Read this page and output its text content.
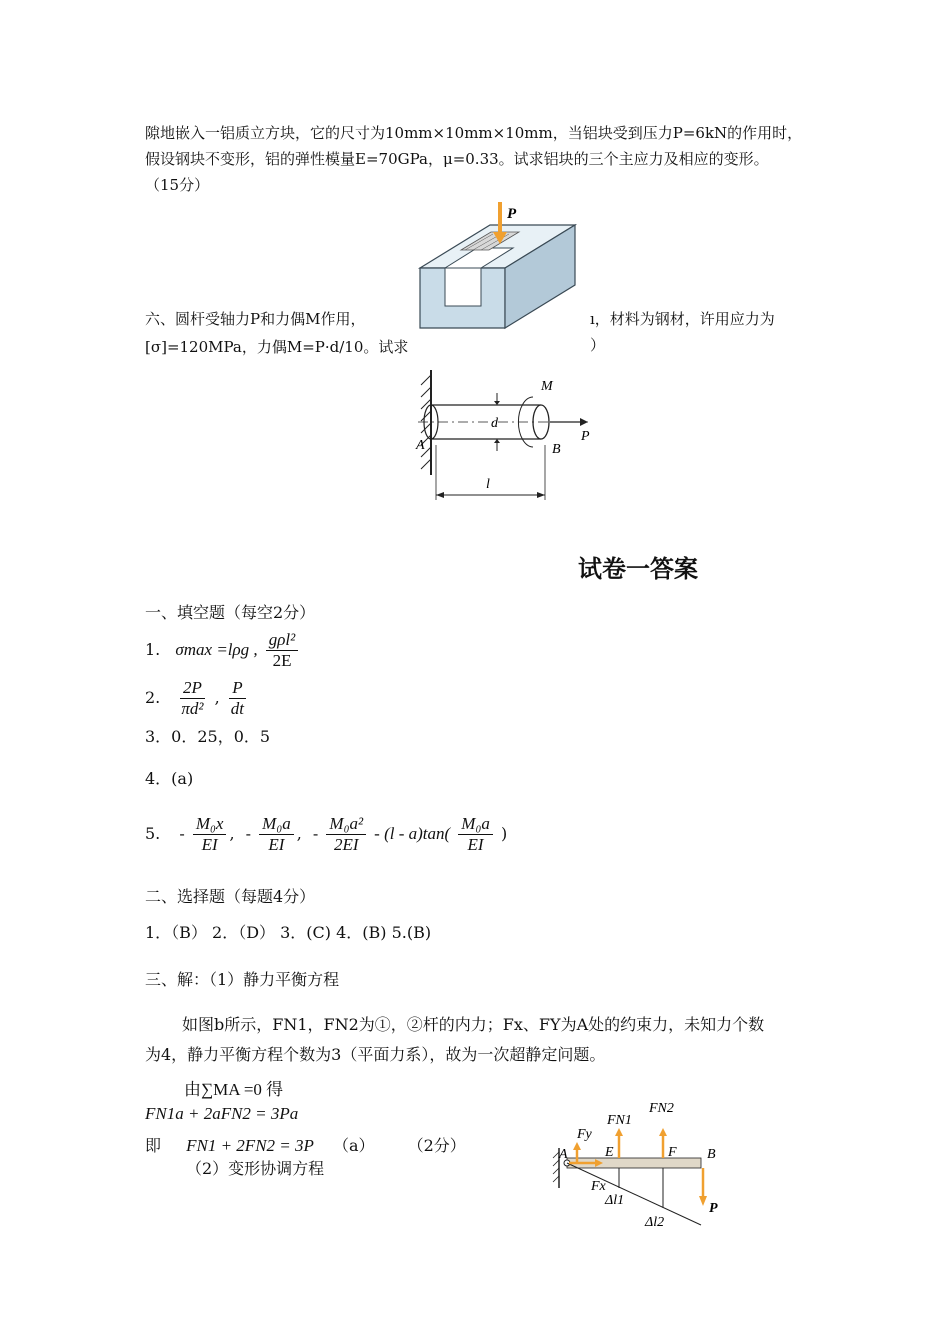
隙地嵌入一铝质立方块，它的尺寸为10mm×10mm×10mm，当铝块受到压力P=6kN的作用时，
假设钢块不变形，铝的弹性模量E=70GPa，μ=0.33。试求铝块的三个主应力及相应的变形。
（15分）
P
六、圆杆受轴力P和力偶M作用，	ı，材料为钢材，许用应力为
[σ]=120MPa，力偶M=P·d/10。试求	）
M
d
P
A	B
l
试卷一答案
一、填空题（每空2分）
1. σmax =lρg , $\frac{\text{gρl²}}{2E}$
2. $\frac{2P}{\text{πd²}}$ , $\frac{P}{dt}$
3．0．25，0．5
4．(a)
5. - $\frac{\text{M₀x}}{EI}$ , - $\frac{\text{M₀a}}{EI}$ , - $\frac{\text{M₀a²}}{2EI} - (l - a)\tan( \frac{\text{M₀a}}{EI}$ )
二、选择题（每题4分）
1．（B） 2．（D） 3．(C) 4．(B) 5.(B)
三、解：（1）静力平衡方程
如图b所示，FN1，FN2为①，②杆的内力；Fx、FY为A处的约束力，未知力个数
为4，静力平衡方程个数为3（平面力系），故为一次超静定问题。
由∑MA =0 得
FN1a + 2aFN2 = 3Pa
即 FN1 + 2FN2 = 3P （a） （2分）
（2）变形协调方程
FN1
FN2
Fy
Fx
A	E	F B
P
Δl1
Δl2
